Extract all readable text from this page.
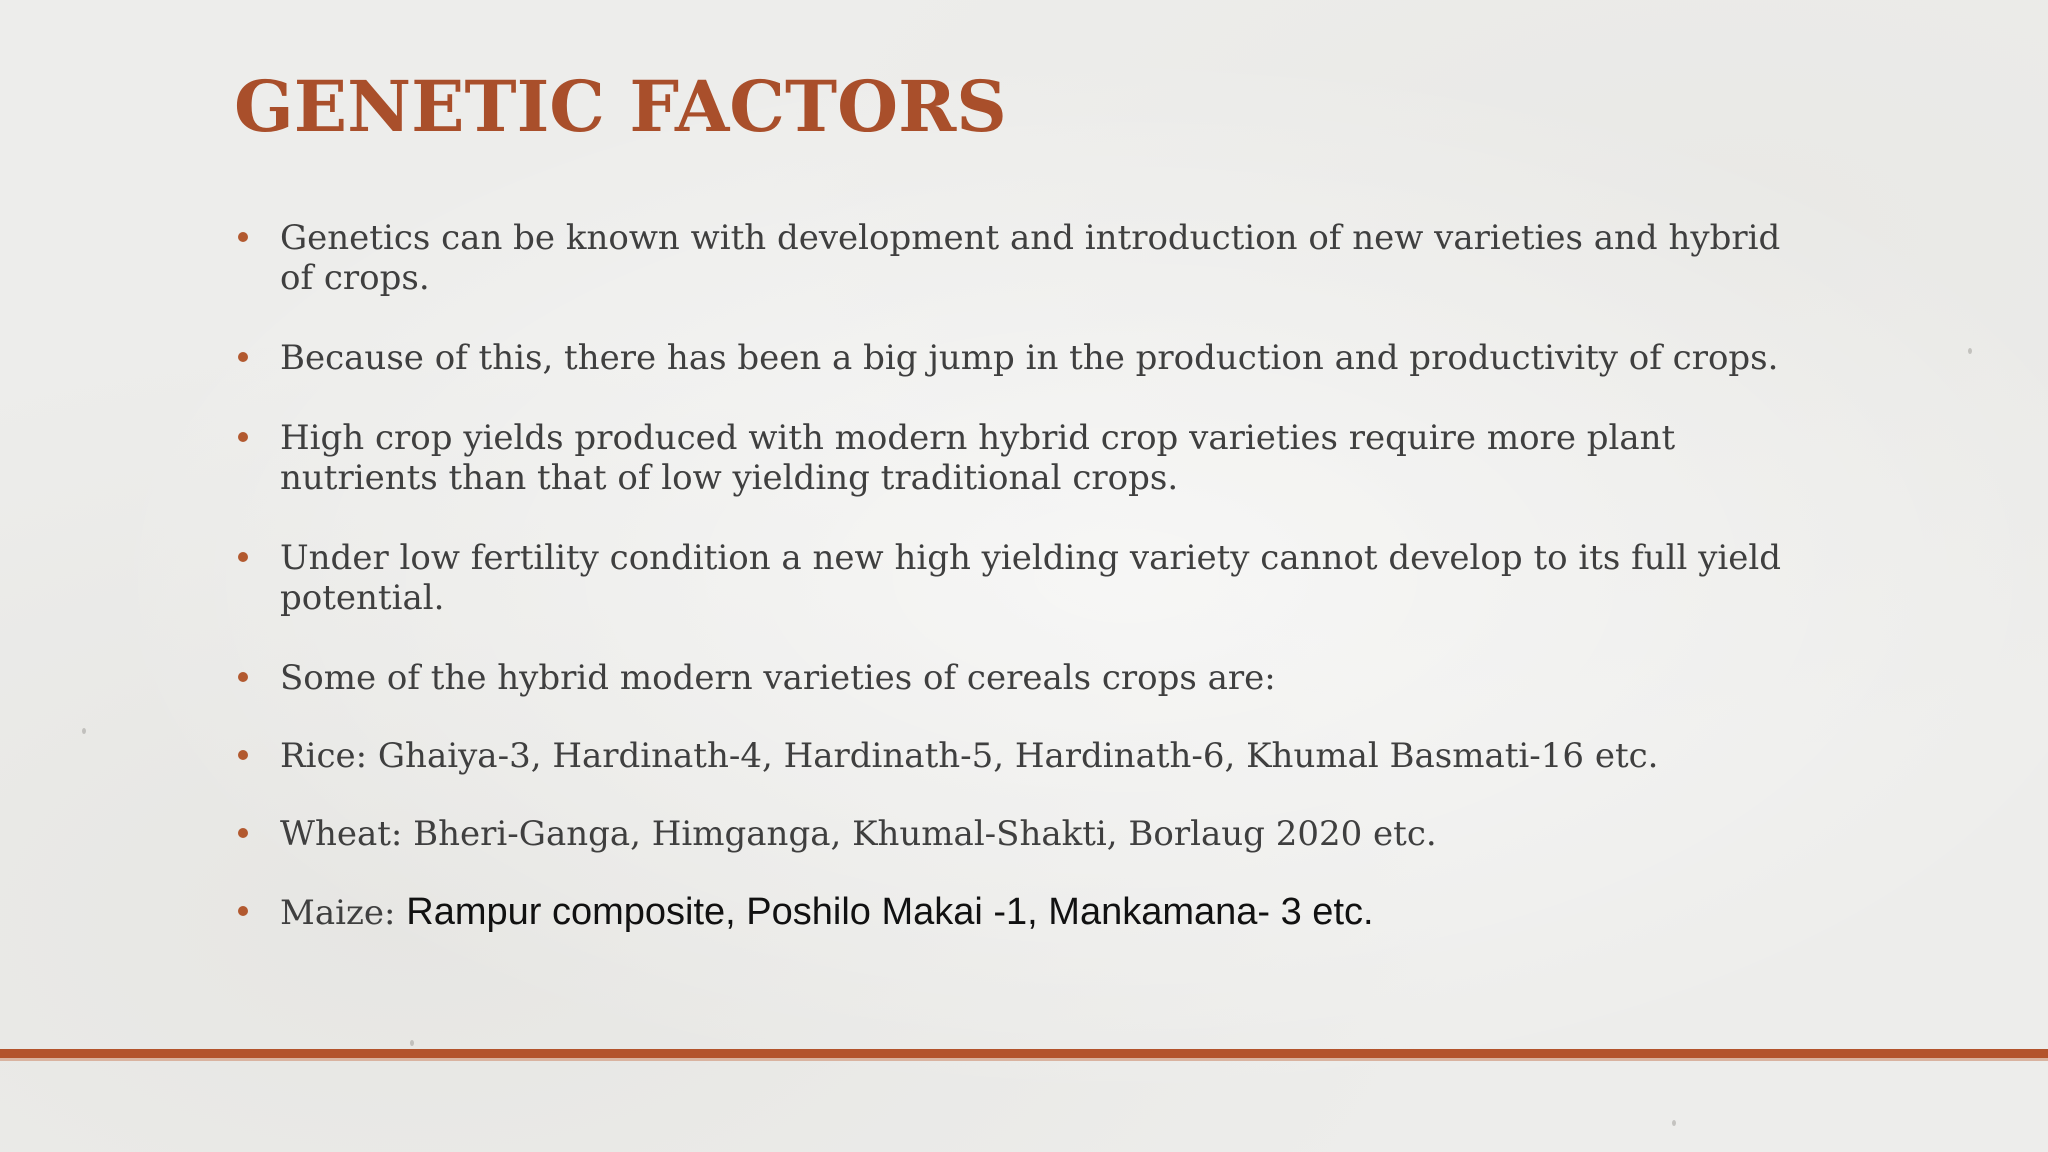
GENETIC FACTORS
Genetics can be known with development and introduction of new varieties and hybrid of crops.
Because of this, there has been a big jump in the production and productivity of crops.
High crop yields produced with modern hybrid crop varieties require more plant nutrients than that of low yielding traditional crops.
Under low fertility condition a new high yielding variety cannot develop to its full yield potential.
Some of the hybrid modern varieties of cereals crops are:
Rice: Ghaiya-3, Hardinath-4, Hardinath-5, Hardinath-6, Khumal Basmati-16 etc.
Wheat: Bheri-Ganga, Himganga, Khumal-Shakti, Borlaug 2020 etc.
Maize: Rampur composite, Poshilo Makai -1, Mankamana- 3 etc.
